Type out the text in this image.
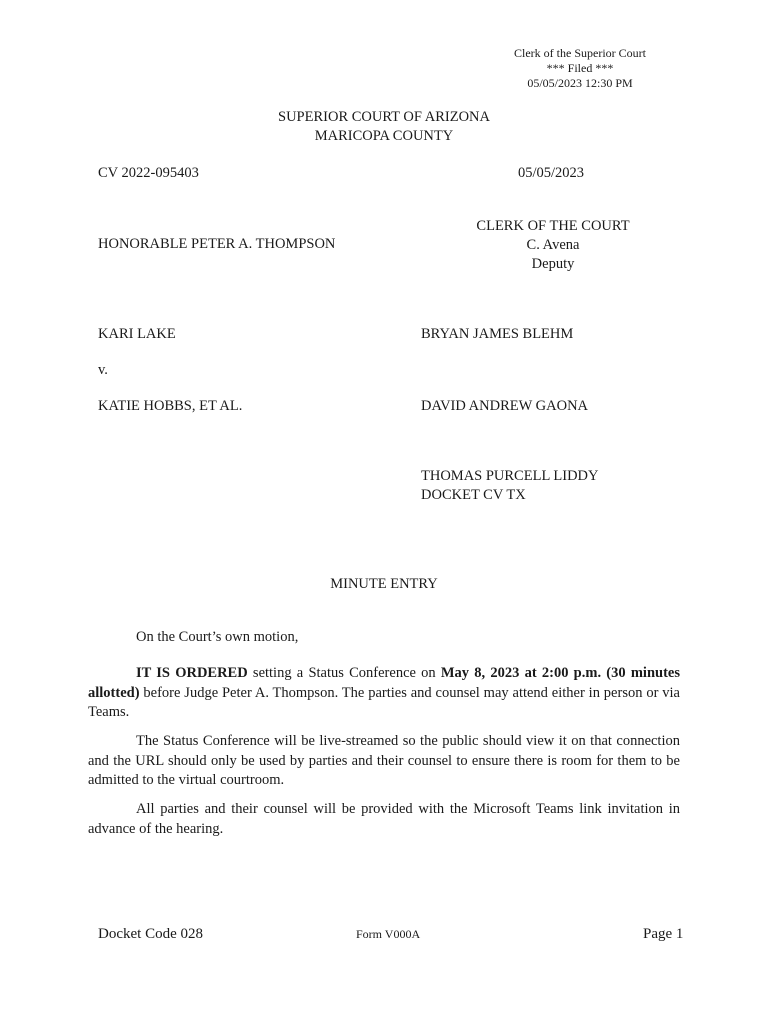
Clerk of the Superior Court
*** Filed ***
05/05/2023 12:30 PM
SUPERIOR COURT OF ARIZONA
MARICOPA COUNTY
CV 2022-095403	05/05/2023
HONORABLE PETER A. THOMPSON
CLERK OF THE COURT
C. Avena
Deputy
KARI LAKE
v.
KATIE HOBBS, ET AL.
BRYAN JAMES BLEHM
DAVID ANDREW GAONA
THOMAS PURCELL LIDDY
DOCKET CV TX
MINUTE ENTRY
On the Court’s own motion,
IT IS ORDERED setting a Status Conference on May 8, 2023 at 2:00 p.m. (30 minutes allotted) before Judge Peter A. Thompson. The parties and counsel may attend either in person or via Teams.
The Status Conference will be live-streamed so the public should view it on that connection and the URL should only be used by parties and their counsel to ensure there is room for them to be admitted to the virtual courtroom.
All parties and their counsel will be provided with the Microsoft Teams link invitation in advance of the hearing.
Docket Code 028	Form V000A	Page 1
